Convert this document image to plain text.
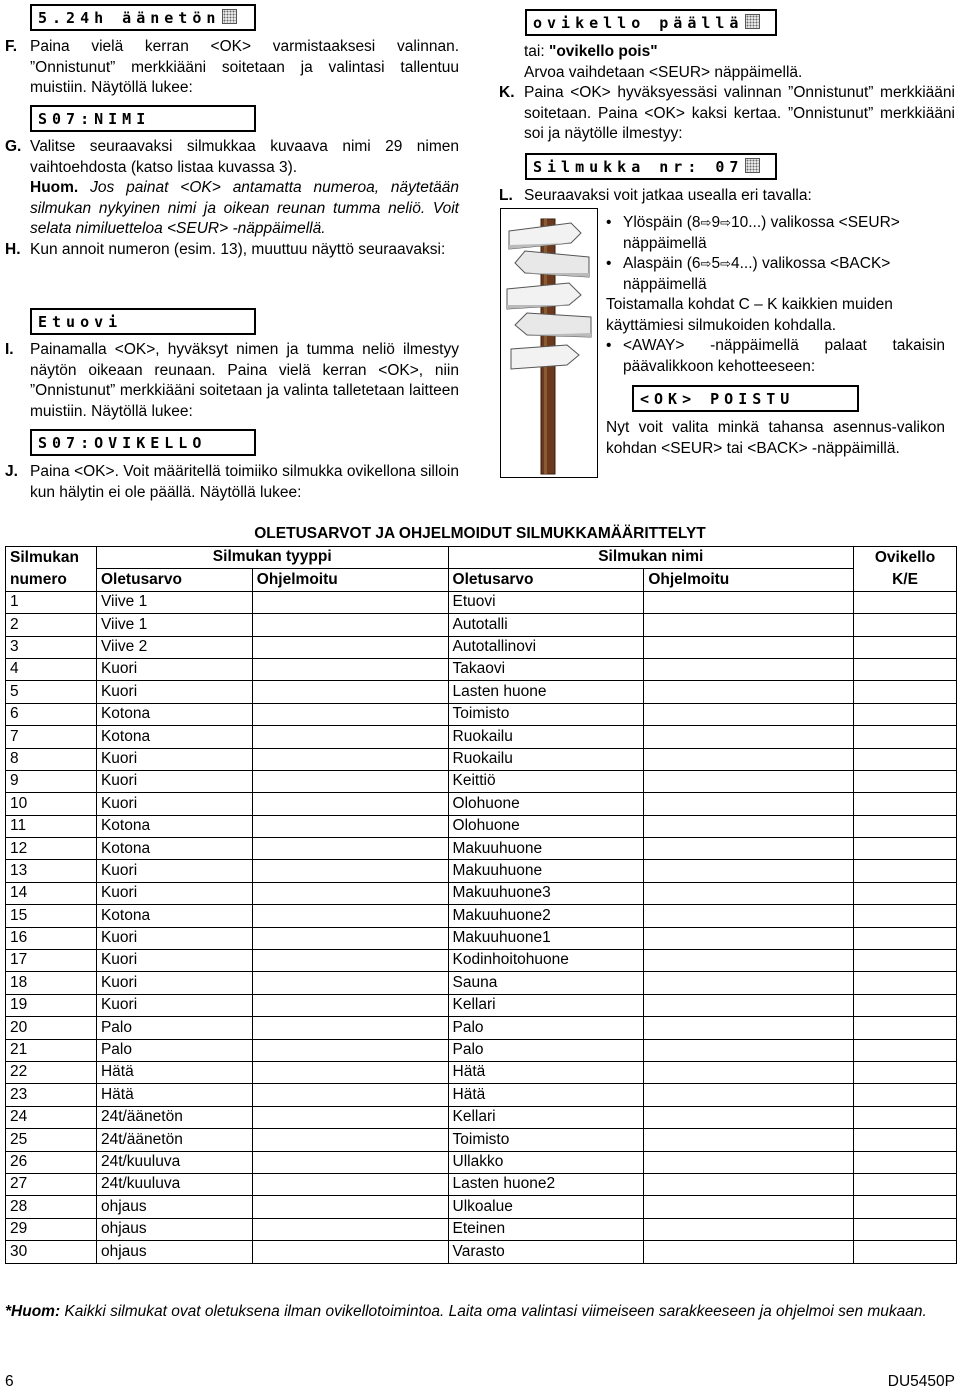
5.24h äänetön

F. Paina vielä kerran <OK> varmistaaksesi valinnan. ”Onnistunut” merkkiääni soitetaan ja valintasi tallentuu muistiin. Näytöllä lukee:

S07:NIMI

G. Valitse seuraavaksi silmukkaa kuvaava nimi 29 nimen vaihtoehdosta (katso listaa kuvassa 3).

Huom. Jos painat <OK> antamatta numeroa, näytetään silmukan nykyinen nimi ja oikean reunan tumma neliö. Voit selata nimiluetteloa <SEUR> -näppäimellä.

H. Kun annoit numeron (esim. 13), muuttuu näyttö seuraavaksi:

Etuovi

I. Painamalla <OK>, hyväksyt nimen ja tumma neliö ilmestyy näytön oikeaan reunaan. Paina vielä kerran <OK>, niin ”Onnistunut” merkkiääni soitetaan ja valinta talletetaan laitteen muistiin. Näytöllä lukee:

S07:OVIKELLO

J. Paina <OK>. Voit määritellä toimiiko silmukka ovikellona silloin kun hälytin ei ole päällä. Näytöllä lukee:

ovikello päällä

tai: "ovikello pois"

Arvoa vaihdetaan <SEUR> näppäimellä.

K. Paina <OK> hyväksyessäsi valinnan ”Onnistunut” merkkiääni soitetaan. Paina <OK> kaksi kertaa. ”Onnistunut” merkkiääni soi ja näytölle ilmestyy:

Silmukka nr: 07

L. Seuraavaksi voit jatkaa usealla eri tavalla:

• Ylöspäin (8⇨9⇨10...) valikossa <SEUR> näppäimellä

• Alaspäin (6⇨5⇨4...) valikossa <BACK> näppäimellä

Toistamalla kohdat C – K kaikkien muiden käyttämiesi silmukoiden kohdalla.

• <AWAY> -näppäimellä palaat takaisin päävalikkoon kehotteeseen:

<OK> POISTU

Nyt voit valita minkä tahansa asennus-valikon kohdan <SEUR> tai <BACK> -näppäimillä.

OLETUSARVOT JA OHJELMOIDUT SILMUKKAMÄÄRITTELYT
Silmukan	Silmukan tyyppi		Silmukan nimi		Ovikello
numero	Oletusarvo	Ohjelmoitu	Oletusarvo	Ohjelmoitu	K/E
1	Viive 1		Etuovi		
2	Viive 1		Autotalli		
3	Viive 2		Autotallinovi		
4	Kuori		Takaovi		
5	Kuori		Lasten huone		
6	Kotona		Toimisto		
7	Kotona		Ruokailu		
8	Kuori		Ruokailu		
9	Kuori		Keittiö		
10	Kuori		Olohuone		
11	Kotona		Olohuone		
12	Kotona		Makuuhuone		
13	Kuori		Makuuhuone		
14	Kuori		Makuuhuone3		
15	Kotona		Makuuhuone2		
16	Kuori		Makuuhuone1		
17	Kuori		Kodinhoitohuone		
18	Kuori		Sauna		
19	Kuori		Kellari		
20	Palo		Palo		
21	Palo		Palo		
22	Hätä		Hätä		
23	Hätä		Hätä		
24	24t/äänetön		Kellari		
25	24t/äänetön		Toimisto		
26	24t/kuuluva		Ullakko		
27	24t/kuuluva		Lasten huone2		
28	ohjaus		Ulkoalue		
29	ohjaus		Eteinen		
30	ohjaus		Varasto		
*Huom: Kaikki silmukat ovat oletuksena ilman ovikellotoimintoa. Laita oma valintasi viimeiseen sarakkeeseen ja ohjelmoi sen mukaan.
6	DU5450P
